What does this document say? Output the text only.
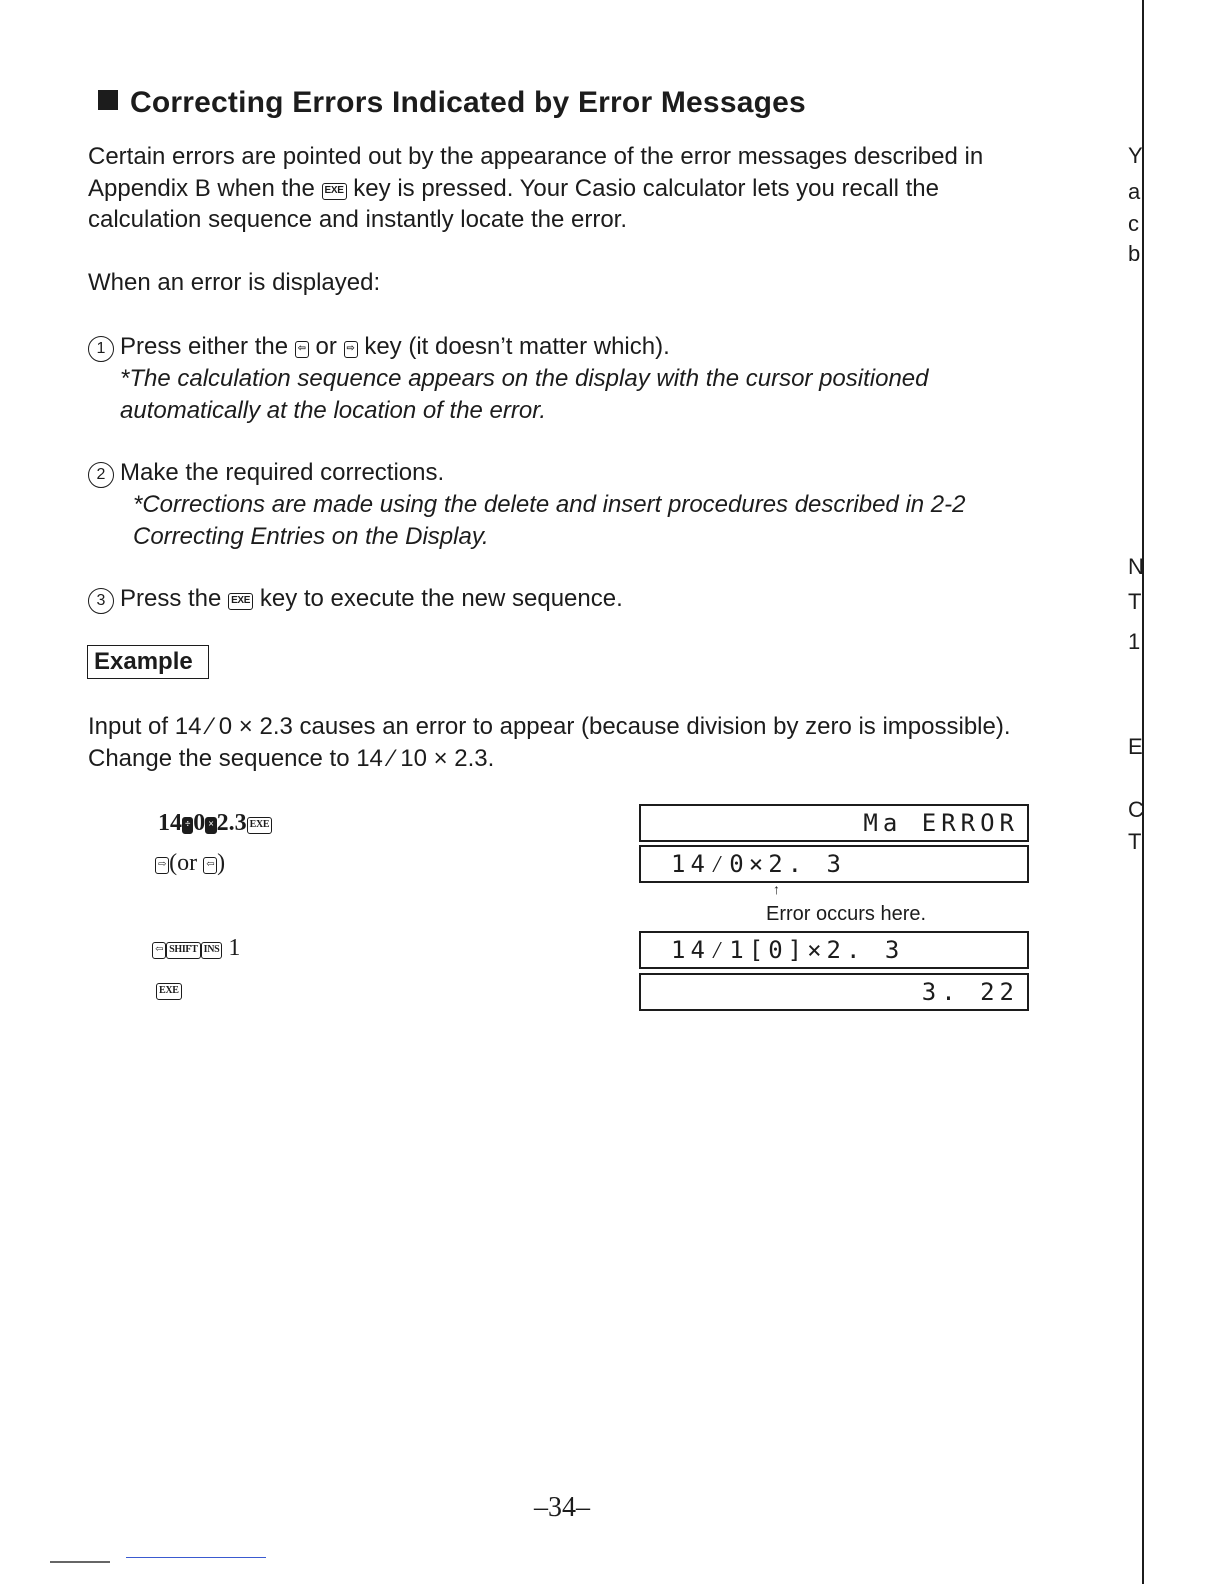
Correcting Errors Indicated by Error Messages
Certain errors are pointed out by the appearance of the error messages described in Appendix B when the EXE key is pressed. Your Casio calculator lets you recall the calculation sequence and instantly locate the error.
When an error is displayed:
1 Press either the ⇦ or ⇨ key (it doesn’t matter which).
*The calculation sequence appears on the display with the cursor positioned automatically at the location of the error.
2 Make the required corrections.
*Corrections are made using the delete and insert procedures described in 2-2 Correcting Entries on the Display.
3 Press the EXE key to execute the new sequence.
Example
Input of 14 ⁄ 0 × 2.3 causes an error to appear (because division by zero is impossible). Change the sequence to 14 ⁄ 10 × 2.3.
14 ÷ 0 × 2.3 EXE
⇨ (or ⇦ )
⇦ SHIFT INS 1
EXE
Ma ERROR
14⁄0×2. 3
↑
Error occurs here.
14⁄1[0]×2. 3
3. 22
–34–
Y
a
c
b
N
T
1
E
C
T
